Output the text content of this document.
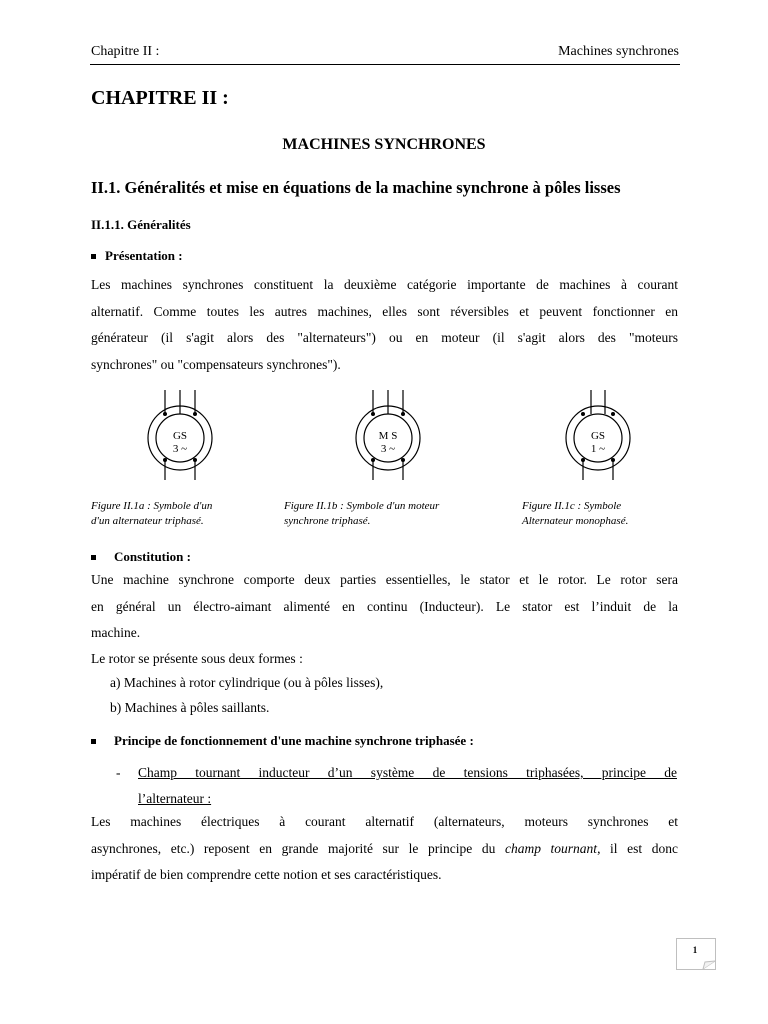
Chapitre II :	Machines synchrones
CHAPITRE II :
MACHINES SYNCHRONES
II.1. Généralités et mise en équations de la machine synchrone à pôles lisses
II.1.1. Généralités
Présentation :
Les machines synchrones constituent la deuxième catégorie importante de machines à courant
alternatif. Comme toutes les autres machines, elles sont réversibles et peuvent fonctionner en
générateur (il s'agit alors des "alternateurs") ou en moteur (il s'agit alors des "moteurs
synchrones" ou "compensateurs synchrones").
GS
3 ~
M S
3 ~
GS
1 ~
Figure II.1a : Symbole d'un
d'un alternateur triphasé.
Figure II.1b : Symbole d'un moteur
synchrone triphasé.
Figure II.1c : Symbole
Alternateur monophasé.
Constitution :
Une machine synchrone comporte deux parties essentielles, le stator et le rotor. Le rotor sera
en général un électro-aimant alimenté en continu (Inducteur). Le stator est l’induit de la
machine.
Le rotor se présente sous deux formes :
a) Machines à rotor cylindrique (ou à pôles lisses),
b) Machines à pôles saillants.
Principe de fonctionnement d'une machine synchrone triphasée :
- Champ tournant inducteur d’un système de tensions triphasées, principe de
l’alternateur :
Les machines électriques à courant alternatif (alternateurs, moteurs synchrones et
asynchrones, etc.) reposent en grande majorité sur le principe du champ tournant, il est donc
impératif de bien comprendre cette notion et ses caractéristiques.
1
